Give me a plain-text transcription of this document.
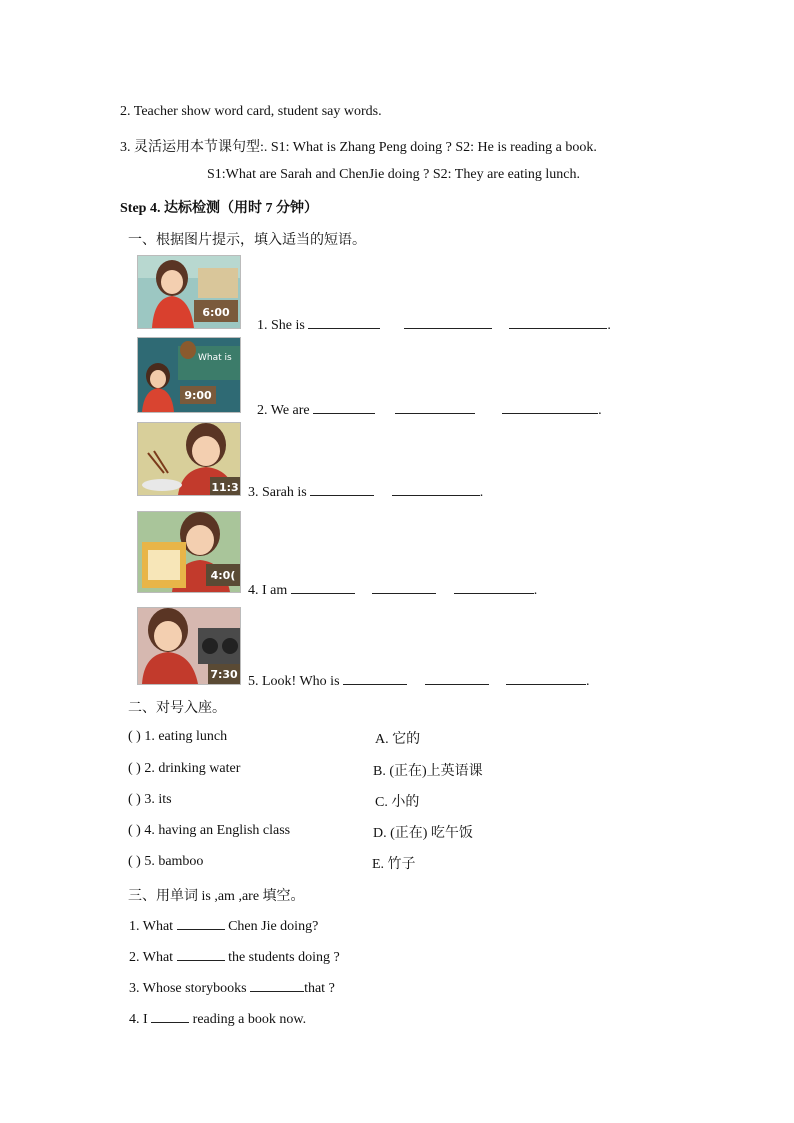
2. Teacher show word card, student say words.
3. 灵活运用本节课句型:. S1: What is Zhang Peng doing ? S2: He is reading a book.
S1:What are Sarah and ChenJie doing ? S2: They are eating lunch.
Step 4. 达标检测（用时 7 分钟）
一、根据图片提示，填入适当的短语。
6:00
1. She is	.
What is
9:00
2. We are	.
11:3 3. Sarah is	.
4:0(
4. I am	.
7:30 5. Look! Who is	.
二、对号入座。
( ) 1. eating lunch	A. 它的
( ) 2. drinking water	B. (正在)上英语课
( ) 3. its	C. 小的
( ) 4. having an English class	D. (正在) 吃午饭
( ) 5. bamboo	E. 竹子
三、用单词 is ,am ,are 填空。
1. What	Chen Jie doing?
2. What	the students doing ?
3. Whose storybooks	that ?
4. I	reading a book now.
